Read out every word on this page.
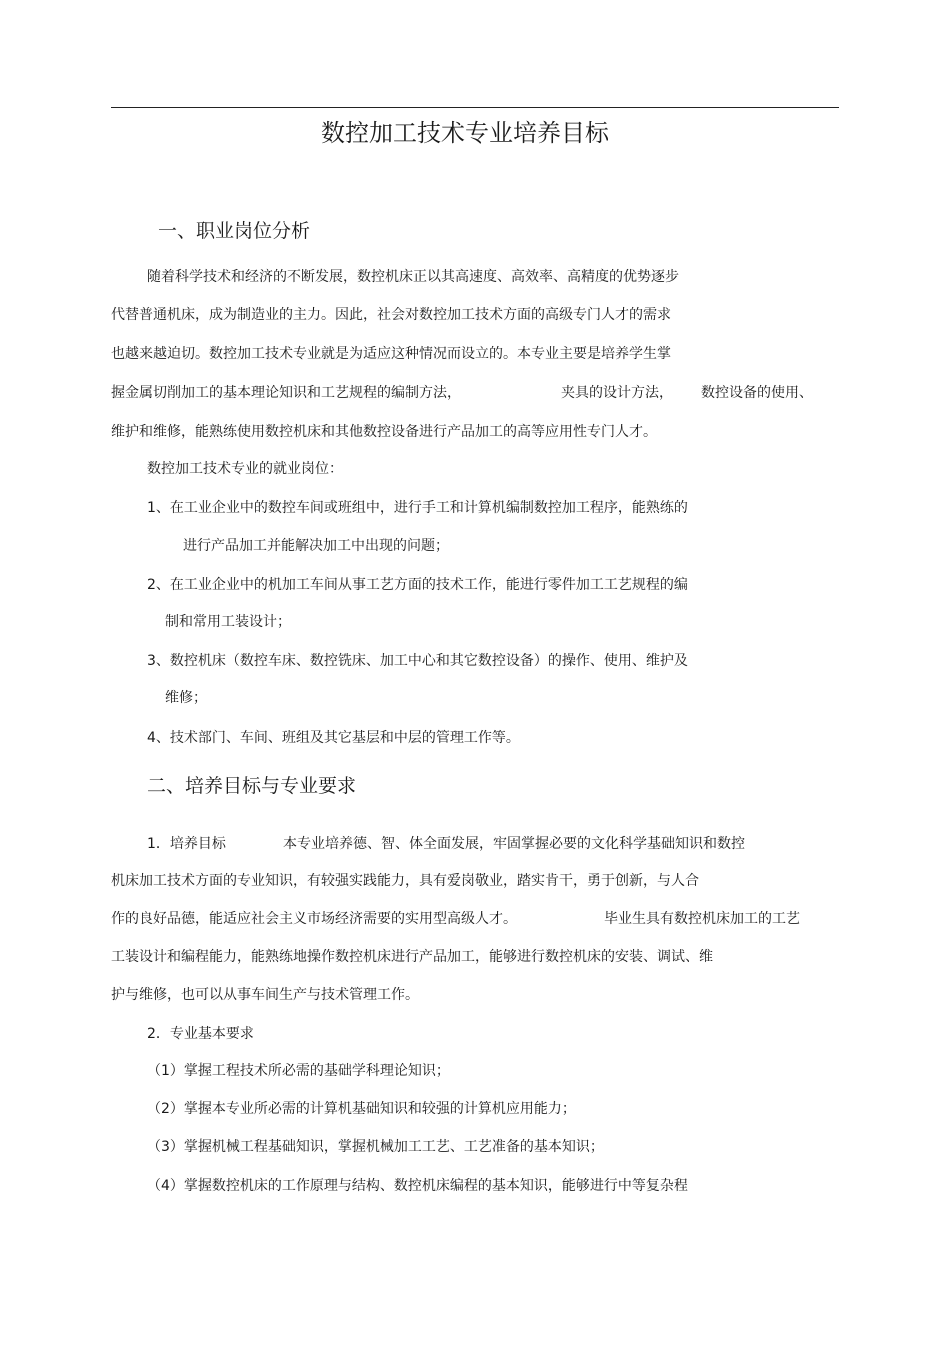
数控加工技术专业培养目标
一、职业岗位分析
随着科学技术和经济的不断发展，数控机床正以其高速度、高效率、高精度的优势逐步
代替普通机床，成为制造业的主力。因此，社会对数控加工技术方面的高级专门人才的需求
也越来越迫切。数控加工技术专业就是为适应这种情况而设立的。本专业主要是培养学生掌
握金属切削加工的基本理论知识和工艺规程的编制方法，	夹具的设计方法， 数控设备的使用、
维护和维修，能熟练使用数控机床和其他数控设备进行产品加工的高等应用性专门人才。
数控加工技术专业的就业岗位：
1、在工业企业中的数控车间或班组中，进行手工和计算机编制数控加工程序，能熟练的
进行产品加工并能解决加工中出现的问题；
2、在工业企业中的机加工车间从事工艺方面的技术工作，能进行零件加工工艺规程的编
制和常用工装设计；
3、数控机床（数控车床、数控铣床、加工中心和其它数控设备）的操作、使用、维护及
维修；
4、技术部门、车间、班组及其它基层和中层的管理工作等。
二、培养目标与专业要求
1．培养目标	本专业培养德、智、体全面发展，牢固掌握必要的文化科学基础知识和数控
机床加工技术方面的专业知识，有较强实践能力，具有爱岗敬业，踏实肯干，勇于创新，与人合
作的良好品德，能适应社会主义市场经济需要的实用型高级人才。	毕业生具有数控机床加工的工艺
工装设计和编程能力，能熟练地操作数控机床进行产品加工，能够进行数控机床的安装、调试、维
护与维修，也可以从事车间生产与技术管理工作。
2．专业基本要求
（1）掌握工程技术所必需的基础学科理论知识；
（2）掌握本专业所必需的计算机基础知识和较强的计算机应用能力；
（3）掌握机械工程基础知识，掌握机械加工工艺、工艺准备的基本知识；
（4）掌握数控机床的工作原理与结构、数控机床编程的基本知识，能够进行中等复杂程
